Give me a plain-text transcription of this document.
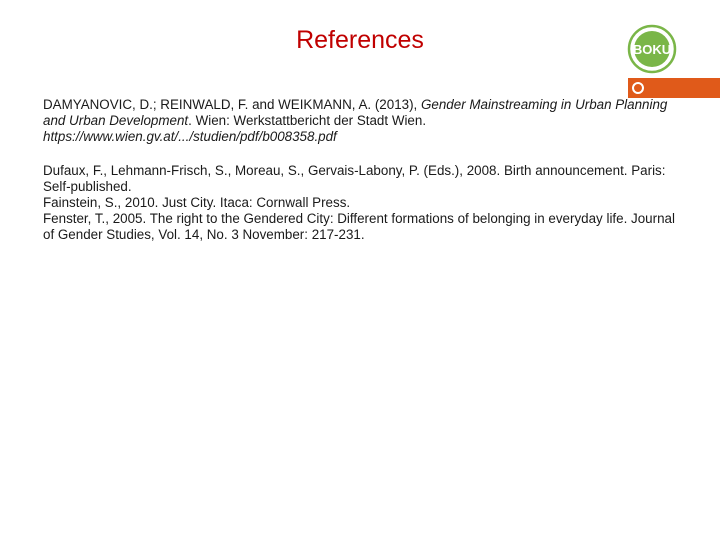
References	BOKU

DAMYANOVIC, D.; REINWALD, F. and WEIKMANN, A. (2013), Gender Mainstreaming in Urban Planning and Urban Development. Wien: Werkstattbericht der Stadt Wien.
https://www.wien.gv.at/.../studien/pdf/b008358.pdf

Dufaux, F., Lehmann-Frisch, S., Moreau, S., Gervais-Labony, P. (Eds.), 2008. Birth announcement. Paris: Self-published.

Fainstein, S., 2010. Just City. Itaca: Cornwall Press.

Fenster, T., 2005. The right to the Gendered City: Different formations of belonging in everyday life. Journal of Gender Studies, Vol. 14, No. 3 November: 217-231.
